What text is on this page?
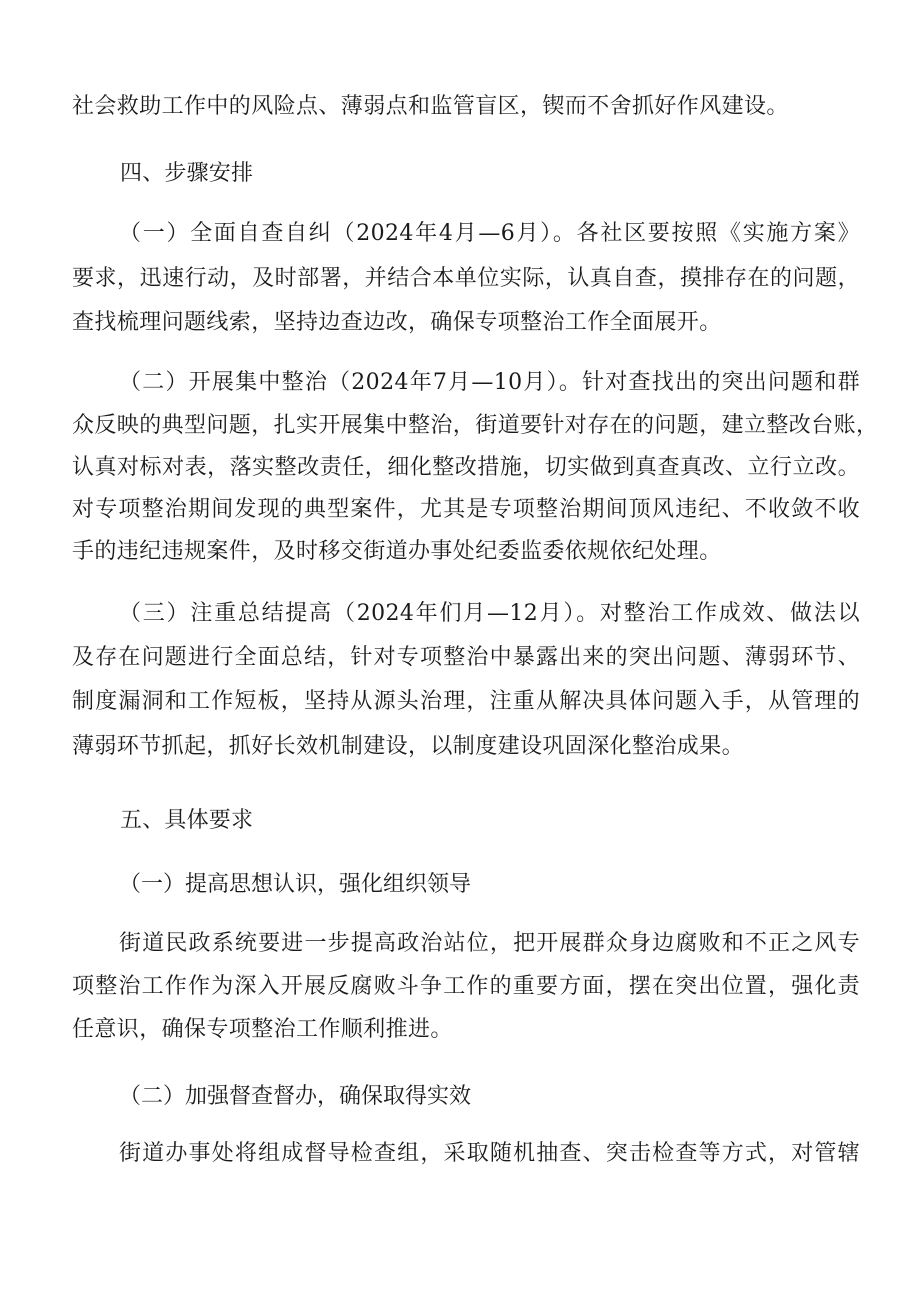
社会救助工作中的风险点、薄弱点和监管盲区，锲而不舍抓好作风建设。
四、步骤安排
（一）全面自查自纠（2024年4月—6月）。各社区要按照《实施方案》
要求，迅速行动，及时部署，并结合本单位实际，认真自查，摸排存在的问题，
查找梳理问题线索，坚持边查边改，确保专项整治工作全面展开。
（二）开展集中整治（2024年7月—10月）。针对查找出的突出问题和群
众反映的典型问题，扎实开展集中整治，街道要针对存在的问题，建立整改台账，
认真对标对表，落实整改责任，细化整改措施，切实做到真查真改、立行立改。
对专项整治期间发现的典型案件，尤其是专项整治期间顶风违纪、不收敛不收
手的违纪违规案件，及时移交街道办事处纪委监委依规依纪处理。
（三）注重总结提高（2024年们月—12月）。对整治工作成效、做法以
及存在问题进行全面总结，针对专项整治中暴露出来的突出问题、薄弱环节、
制度漏洞和工作短板，坚持从源头治理，注重从解决具体问题入手，从管理的
薄弱环节抓起，抓好长效机制建设，以制度建设巩固深化整治成果。
五、具体要求
（一）提高思想认识，强化组织领导
街道民政系统要进一步提高政治站位，把开展群众身边腐败和不正之风专
项整治工作作为深入开展反腐败斗争工作的重要方面，摆在突出位置，强化责
任意识，确保专项整治工作顺利推进。
（二）加强督查督办，确保取得实效
街道办事处将组成督导检查组，采取随机抽查、突击检查等方式，对管辖
